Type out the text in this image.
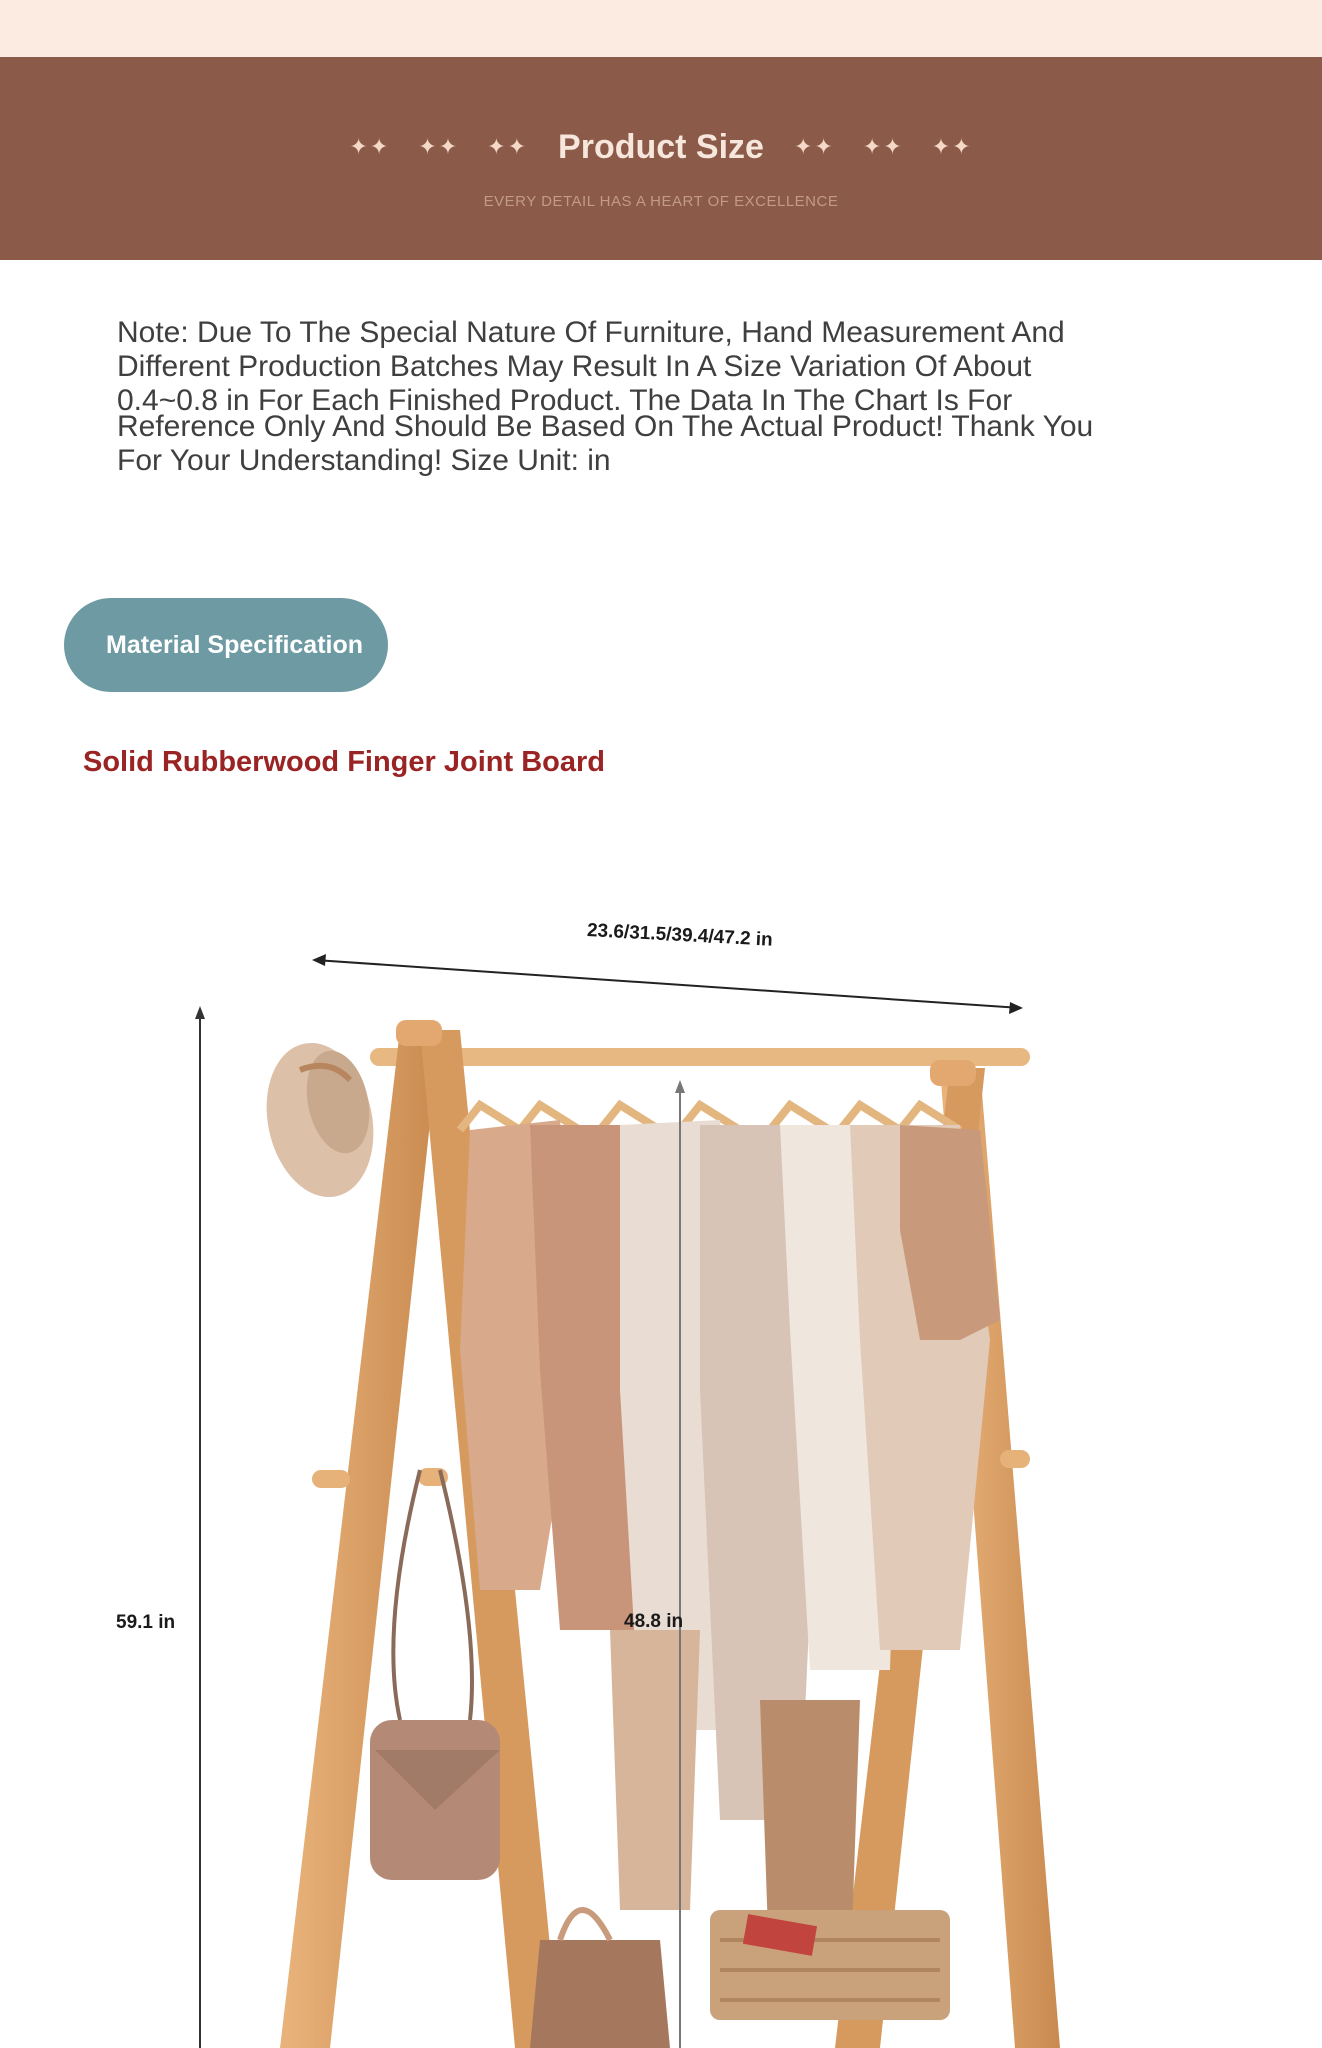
✦✦ ✦✦ ✦✦ Product Size ✦✦ ✦✦ ✦✦
EVERY DETAIL HAS A HEART OF EXCELLENCE
Note: Due To The Special Nature Of Furniture, Hand Measurement And
Different Production Batches May Result In A Size Variation Of About
0.4~0.8 in For Each Finished Product. The Data In The Chart Is For
Reference Only And Should Be Based On The Actual Product! Thank You
For Your Understanding! Size Unit: in
Material Specification
Solid Rubberwood Finger Joint Board
23.6/31.5/39.4/47.2 in
59.1 in	48.8 in
